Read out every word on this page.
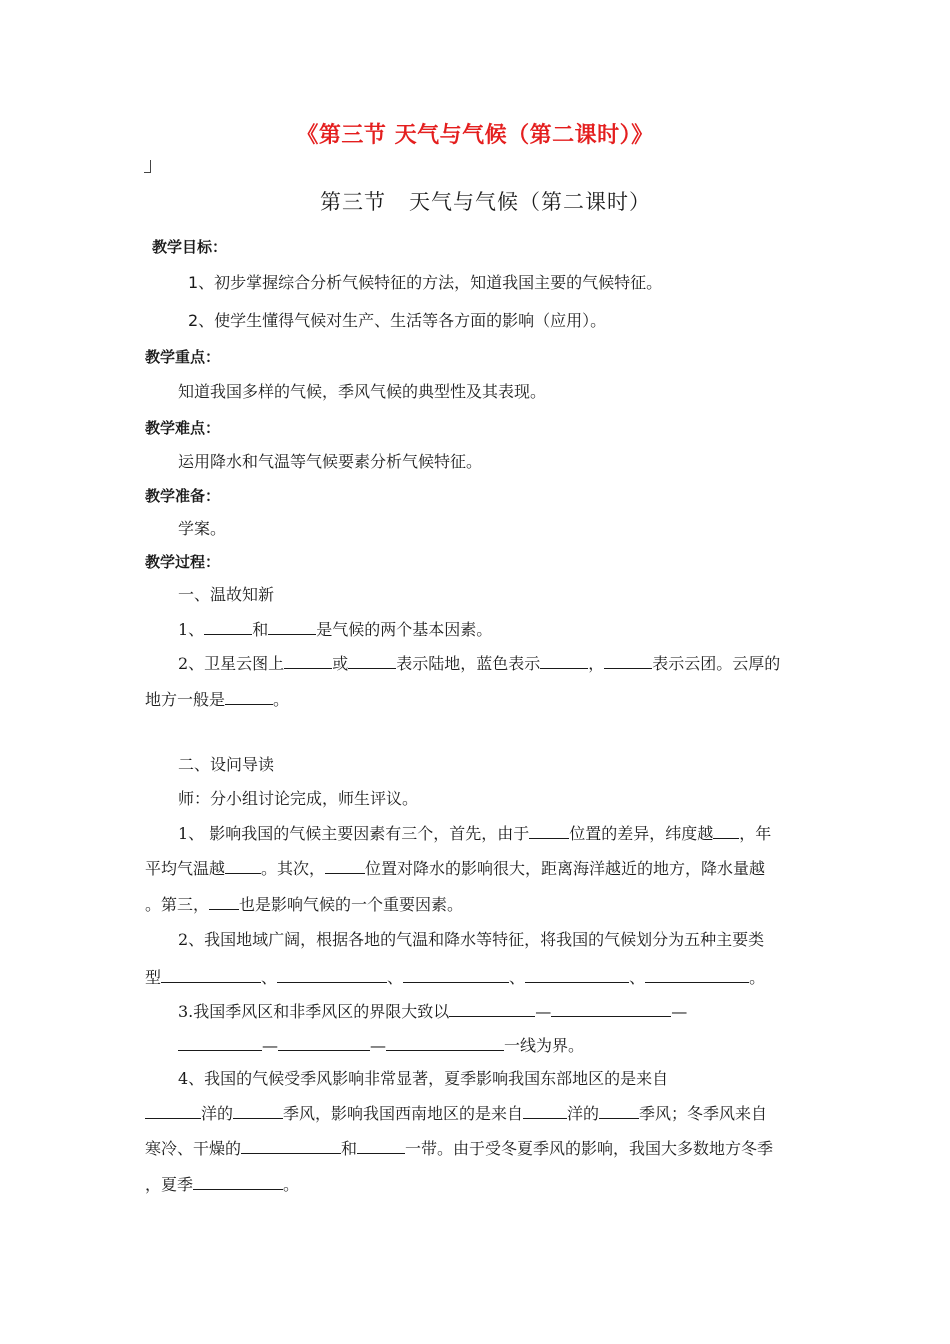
《第三节 天气与气候（第二课时）》
第三节   天气与气候（第二课时）
教学目标：
1、初步掌握综合分析气候特征的方法，知道我国主要的气候特征。
2、使学生懂得气候对生产、生活等各方面的影响（应用）。
教学重点：
知道我国多样的气候，季风气候的典型性及其表现。
教学难点：
运用降水和气温等气候要素分析气候特征。
教学准备：
学案。
教学过程：
一、温故知新
1、	和	是气候的两个基本因素。
2、卫星云图上	或	表示陆地，蓝色表示	，	表示云团。云厚的
地方一般是	。
二、设问导读
师：分小组讨论完成，师生评议。
1、 影响我国的气候主要因素有三个，首先，由于	位置的差异，纬度越 ，年
平均气温越 。其次，	位置对降水的影响很大，距离海洋越近的地方，降水量越
。第三， 也是影响气候的一个重要因素。
2、我国地域广阔，根据各地的气温和降水等特征，将我国的气候划分为五种主要类
型	、	、	、	、	。
3.我国季风区和非季风区的界限大致以	—	—
—	—	一线为界。
4、我国的气候受季风影响非常显著，夏季影响我国东部地区的是来自
洋的	季风，影响我国西南地区的是来自	洋的	季风；冬季风来自
寒冷、干燥的	和	一带。由于受冬夏季风的影响，我国大多数地方冬季
，夏季	。
